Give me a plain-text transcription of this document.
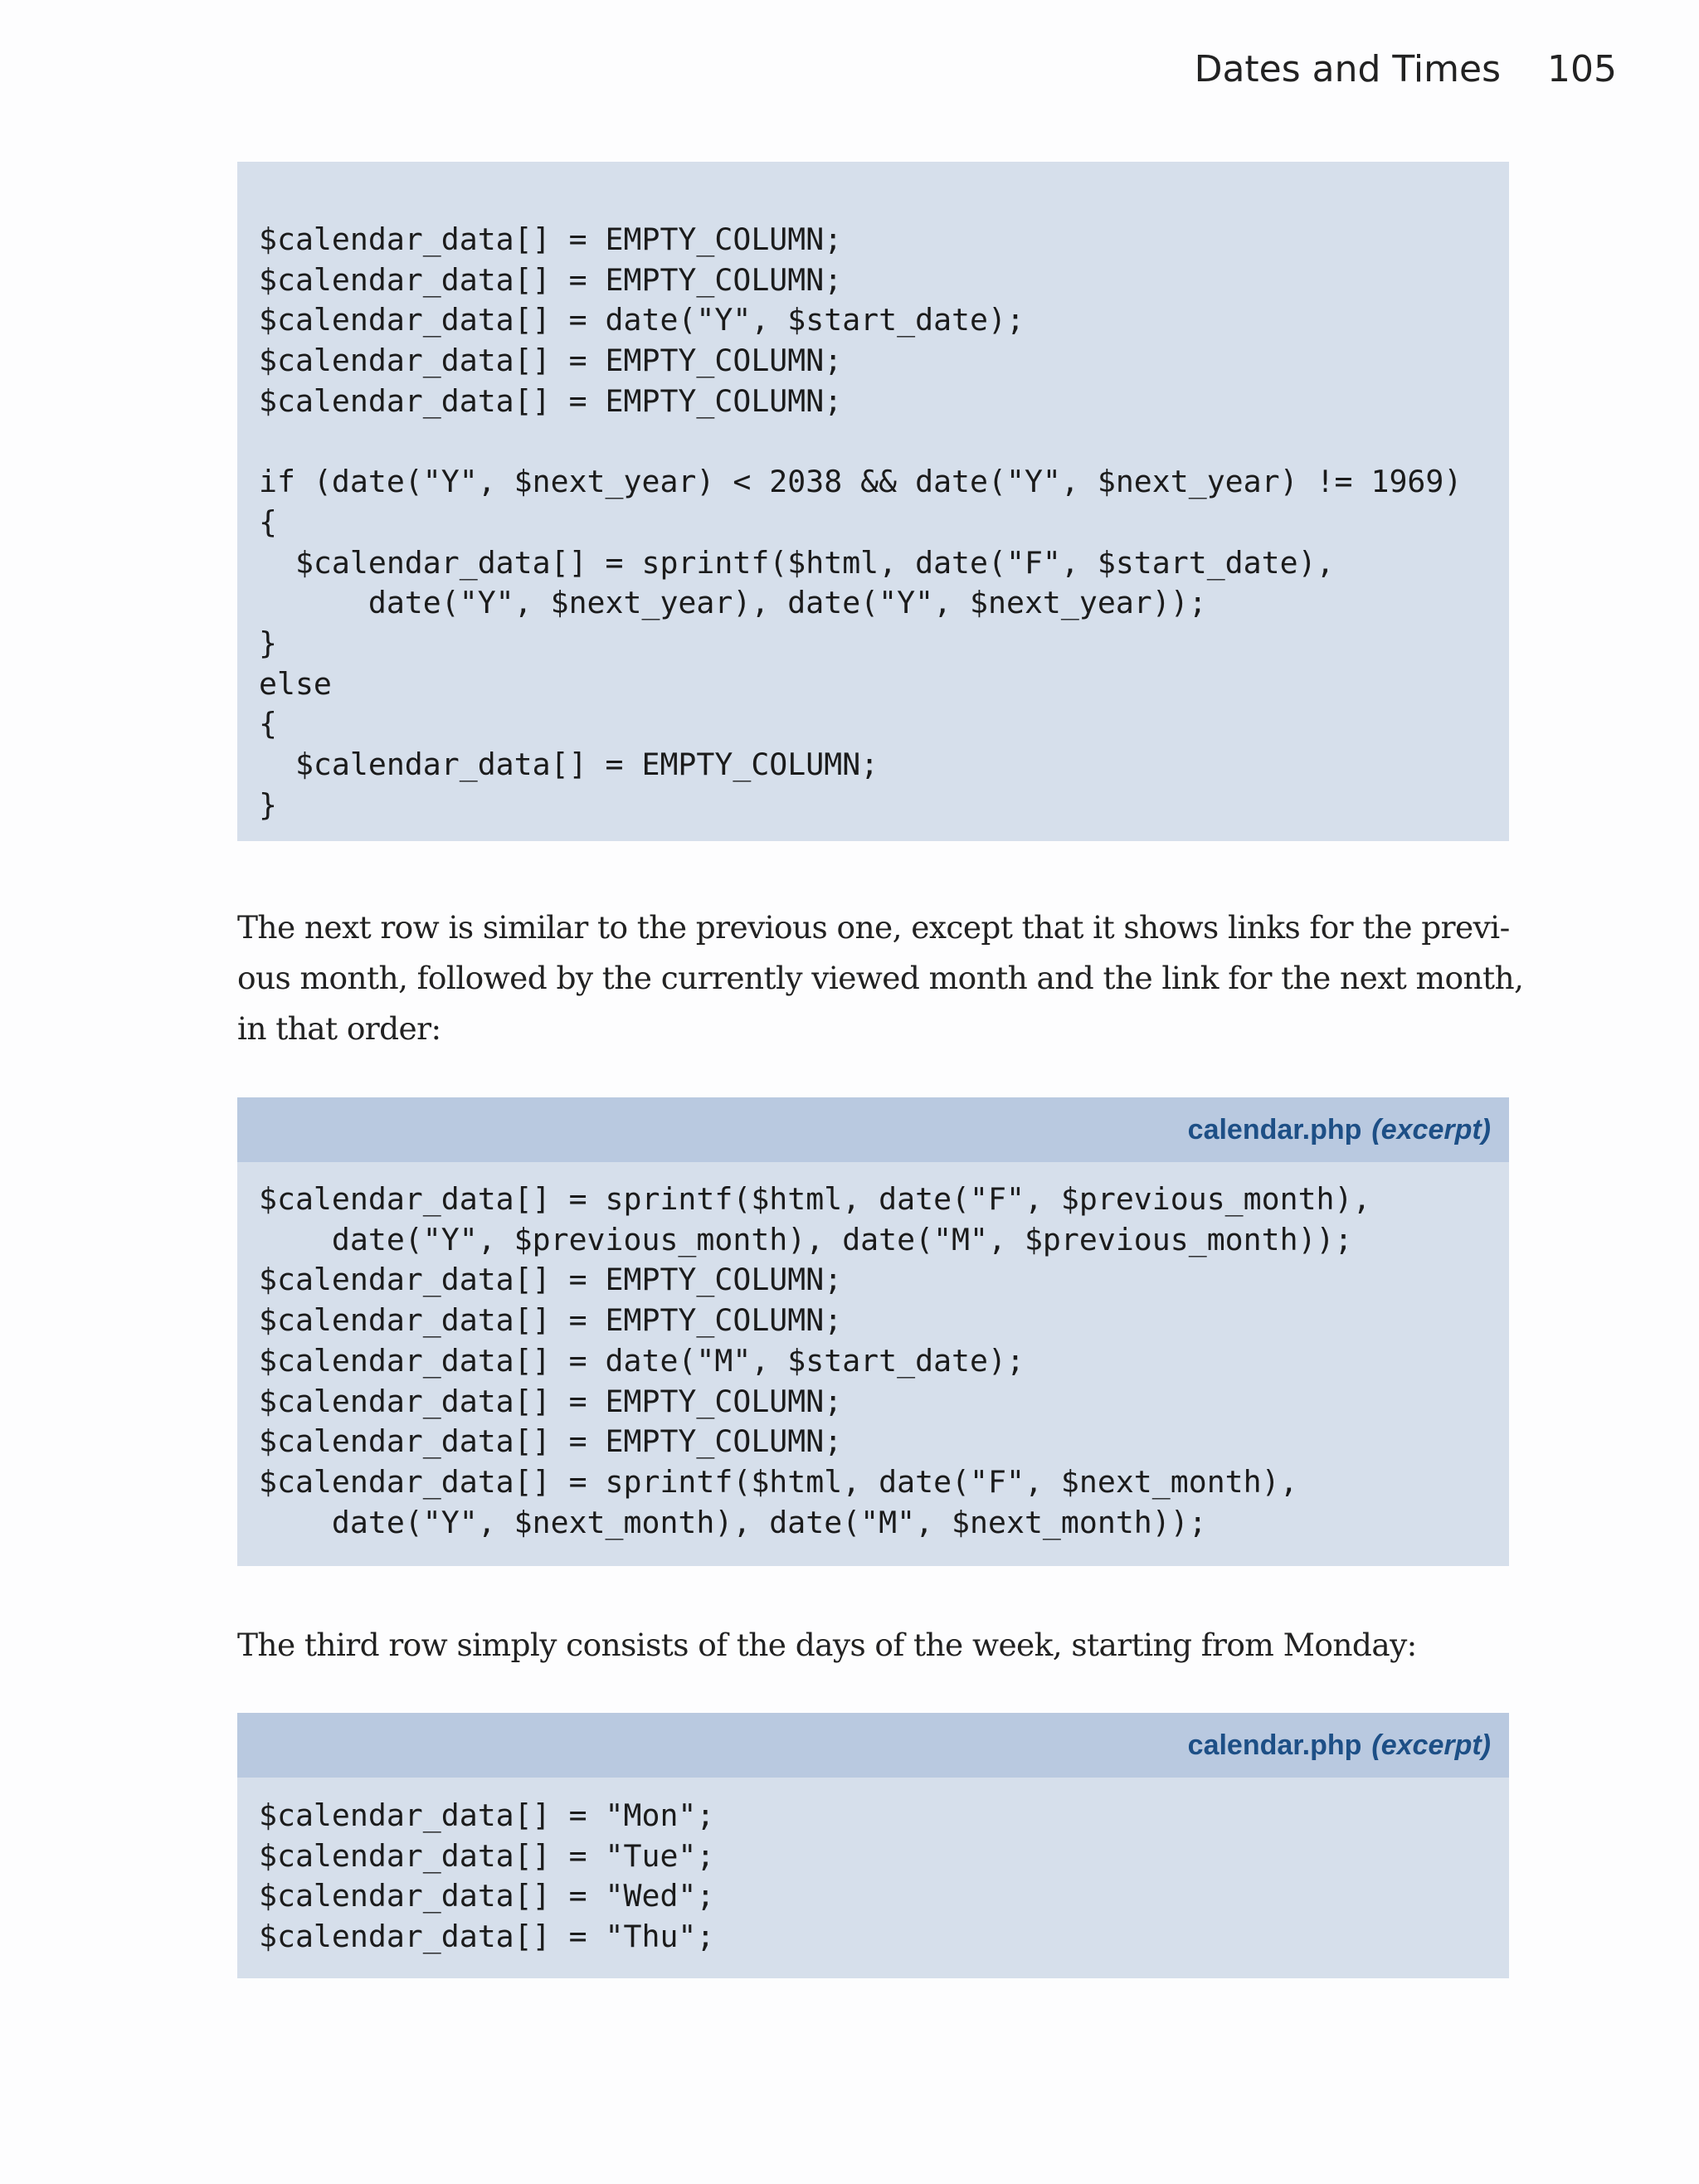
Dates and Times 105
$calendar_data[] = EMPTY_COLUMN;
$calendar_data[] = EMPTY_COLUMN;
$calendar_data[] = date("Y", $start_date);
$calendar_data[] = EMPTY_COLUMN;
$calendar_data[] = EMPTY_COLUMN;

if (date("Y", $next_year) < 2038 && date("Y", $next_year) != 1969)
{
$calendar_data[] = sprintf($html, date("F", $start_date),
date("Y", $next_year), date("Y", $next_year));
}
else
{
$calendar_data[] = EMPTY_COLUMN;
}
The next row is similar to the previous one, except that it shows links for the previ-
ous month, followed by the currently viewed month and the link for the next month,
in that order:
calendar.php (excerpt)
$calendar_data[] = sprintf($html, date("F", $previous_month),
date("Y", $previous_month), date("M", $previous_month));
$calendar_data[] = EMPTY_COLUMN;
$calendar_data[] = EMPTY_COLUMN;
$calendar_data[] = date("M", $start_date);
$calendar_data[] = EMPTY_COLUMN;
$calendar_data[] = EMPTY_COLUMN;
$calendar_data[] = sprintf($html, date("F", $next_month),
date("Y", $next_month), date("M", $next_month));
The third row simply consists of the days of the week, starting from Monday:
calendar.php (excerpt)
$calendar_data[] = "Mon";
$calendar_data[] = "Tue";
$calendar_data[] = "Wed";
$calendar_data[] = "Thu";
